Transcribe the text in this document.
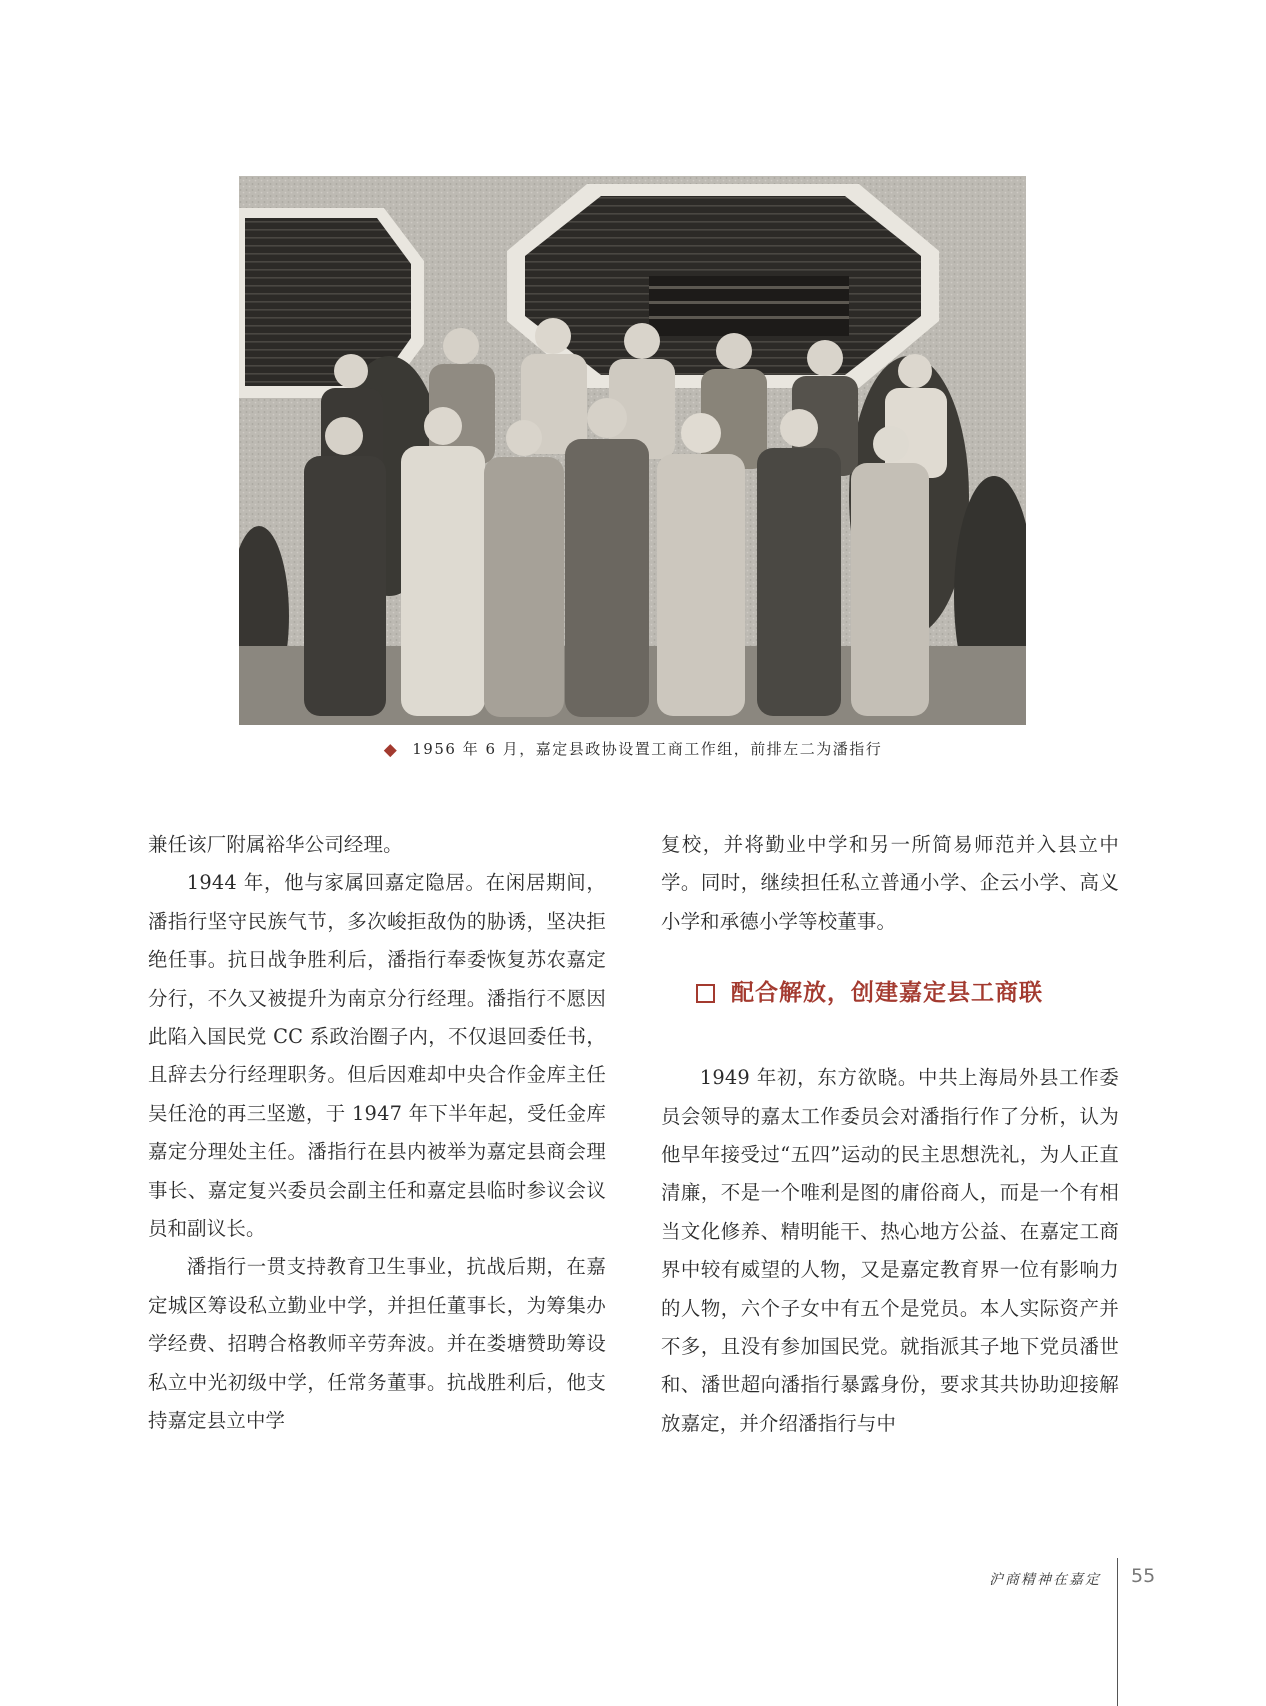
◆ 1956 年 6 月，嘉定县政协设置工商工作组，前排左二为潘指行

兼任该厂附属裕华公司经理。

1944 年，他与家属回嘉定隐居。在闲居期间，潘指行坚守民族气节，多次峻拒敌伪的胁诱，坚决拒绝任事。抗日战争胜利后，潘指行奉委恢复苏农嘉定分行，不久又被提升为南京分行经理。潘指行不愿因此陷入国民党 CC 系政治圈子内，不仅退回委任书，且辞去分行经理职务。但后因难却中央合作金库主任吴任沧的再三坚邀，于 1947 年下半年起，受任金库嘉定分理处主任。潘指行在县内被举为嘉定县商会理事长、嘉定复兴委员会副主任和嘉定县临时参议会议员和副议长。

潘指行一贯支持教育卫生事业，抗战后期，在嘉定城区筹设私立勤业中学，并担任董事长，为筹集办学经费、招聘合格教师辛劳奔波。并在娄塘赞助筹设私立中光初级中学，任常务董事。抗战胜利后，他支持嘉定县立中学

复校，并将勤业中学和另一所简易师范并入县立中学。同时，继续担任私立普通小学、企云小学、高义小学和承德小学等校董事。

配合解放，创建嘉定县工商联

1949 年初，东方欲晓。中共上海局外县工作委员会领导的嘉太工作委员会对潘指行作了分析，认为他早年接受过“五四”运动的民主思想洗礼，为人正直清廉，不是一个唯利是图的庸俗商人，而是一个有相当文化修养、精明能干、热心地方公益、在嘉定工商界中较有威望的人物，又是嘉定教育界一位有影响力的人物，六个子女中有五个是党员。本人实际资产并不多，且没有参加国民党。就指派其子地下党员潘世和、潘世超向潘指行暴露身份，要求其共协助迎接解放嘉定，并介绍潘指行与中

沪商精神在嘉定 55
